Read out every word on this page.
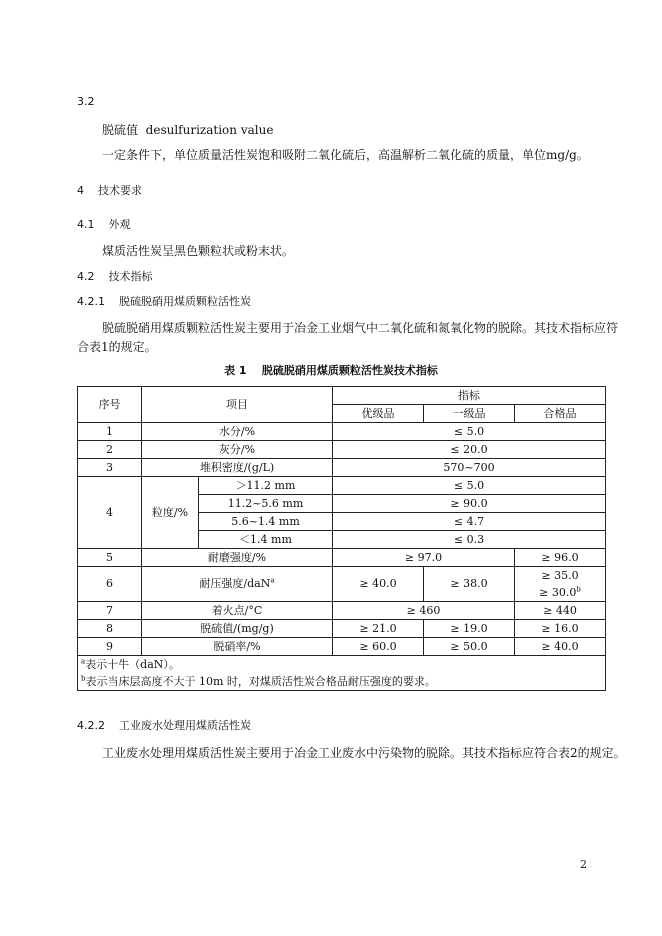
3.2
脱硫值 desulfurization value
一定条件下，单位质量活性炭饱和吸附二氧化硫后，高温解析二氧化硫的质量，单位mg/g。
4 技术要求
4.1 外观
煤质活性炭呈黑色颗粒状或粉末状。
4.2 技术指标
4.2.1 脱硫脱硝用煤质颗粒活性炭
脱硫脱硝用煤质颗粒活性炭主要用于冶金工业烟气中二氧化硫和氮氧化物的脱除。其技术指标应符
合表1的规定。
表 1    脱硫脱硝用煤质颗粒活性炭技术指标
序号	项目		指标		
			优级品	一级品	合格品
1	水分/%		≤ 5.0		
2	灰分/%		≤ 20.0		
3	堆积密度/(g/L)		570~700		
4	粒度/%	＞11.2 mm	≤ 5.0		
		11.2~5.6 mm	≥ 90.0		
		5.6~1.4 mm	≤ 4.7		
		＜1.4 mm	≤ 0.3		
5	耐磨强度/%		≥ 97.0		≥ 96.0
6	耐压强度/daN$^a$		≥ 40.0	≥ 38.0	≥ 35.0
					≥ 30.0$^b$
7	着火点/°C		≥ 460		≥ 440
8	脱硫值/(mg/g)		≥ 21.0	≥ 19.0	≥ 16.0
9	脱硝率/%		≥ 60.0	≥ 50.0	≥ 40.0
$^a$表示十牛（daN）。					
$^b$表示当床层高度不大于 10m 时，对煤质活性炭合格品耐压强度的要求。					
4.2.2 工业废水处理用煤质活性炭
工业废水处理用煤质活性炭主要用于冶金工业废水中污染物的脱除。其技术指标应符合表2的规定。
2
